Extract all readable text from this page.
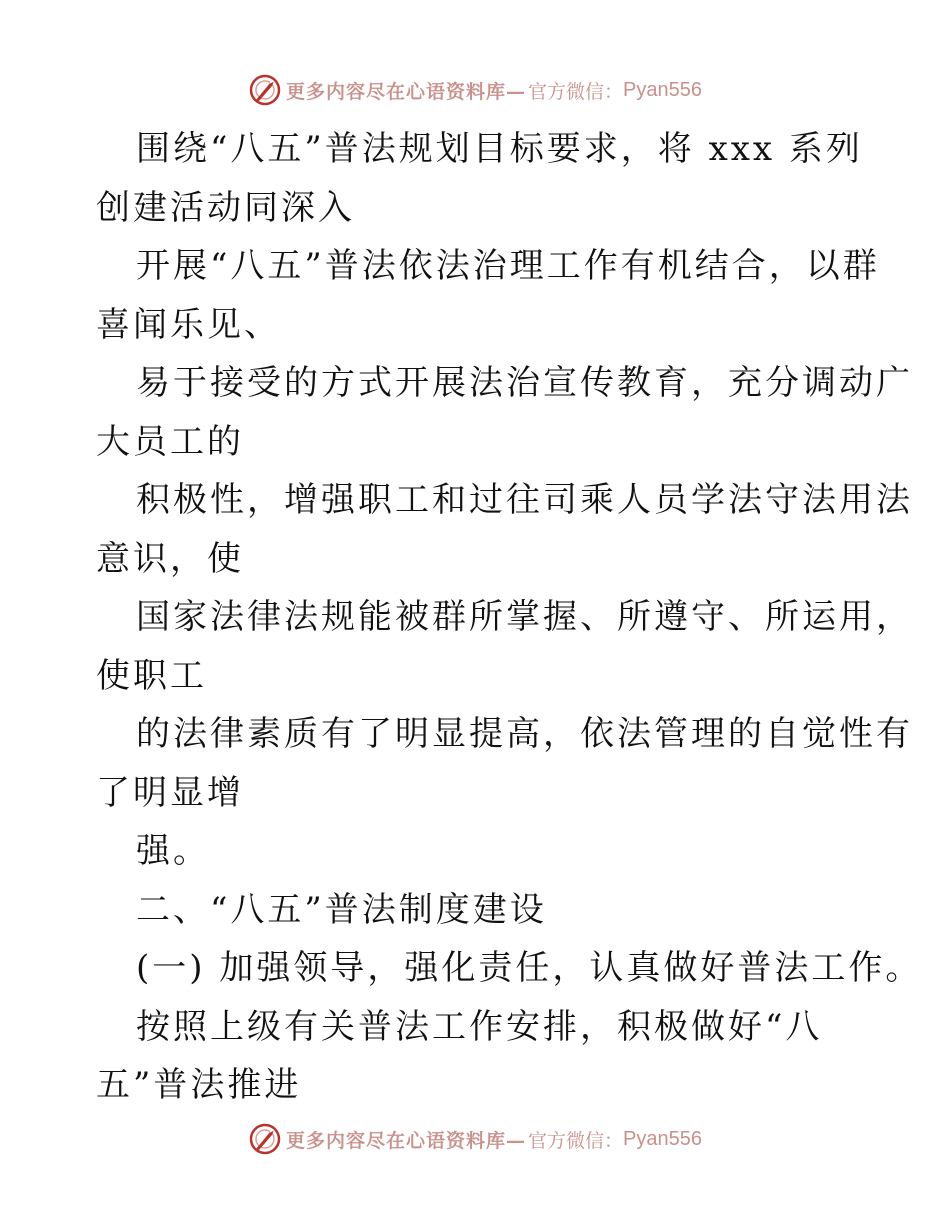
更多内容尽在心语资料库— 官方微信： Pyan556
围绕“八五”普法规划目标要求，将 xxx 系列
创建活动同深入
开展“八五”普法依法治理工作有机结合，以群
喜闻乐见、
易于接受的方式开展法治宣传教育，充分调动广
大员工的
积极性，增强职工和过往司乘人员学法守法用法
意识，使
国家法律法规能被群所掌握、所遵守、所运用，
使职工
的法律素质有了明显提高，依法管理的自觉性有
了明显增
强。
二、“八五”普法制度建设
(一) 加强领导，强化责任，认真做好普法工作。
按照上级有关普法工作安排，积极做好“八
五”普法推进
更多内容尽在心语资料库— 官方微信： Pyan556
